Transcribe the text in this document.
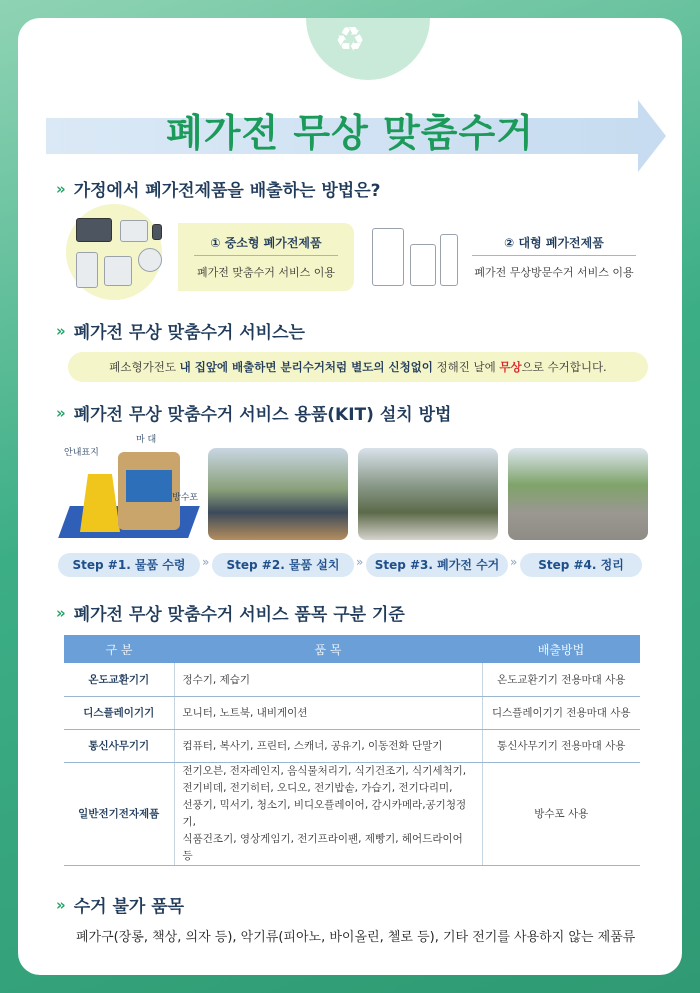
♻
폐가전 무상 맞춤수거
» 가정에서 폐가전제품을 배출하는 방법은?
① 중소형 폐가전제품
폐가전 맞춤수거 서비스 이용
② 대형 폐가전제품
폐가전 무상방문수거 서비스 이용
» 폐가전 무상 맞춤수거 서비스는
폐소형가전도 내 집앞에 배출하면 분리수거처럼 별도의 신청없이 정해진 날에 무상으로 수거합니다.
» 폐가전 무상 맞춤수거 서비스 용품(KIT) 설치 방법
안내표지
마 대
방수포
Step #1. 물품 수령	»	Step #2. 물품 설치	» Step #3. 폐가전 수거 »	Step #4. 정리
» 폐가전 무상 맞춤수거 서비스 품목 구분 기준
구 분	품 목	배출방법
온도교환기기	정수기, 제습기	온도교환기기 전용마대 사용
디스플레이기기	모니터, 노트북, 내비게이션	디스플레이기기 전용마대 사용
통신사무기기	컴퓨터, 복사기, 프린터, 스캐너, 공유기, 이동전화 단말기	통신사무기기 전용마대 사용
일반전기전자제품	전기오븐, 전자레인지, 음식물처리기, 식기건조기, 식기세척기,
전기비데, 전기히터, 오디오, 전기밥솥, 가습기, 전기다리미,
선풍기, 믹서기, 청소기, 비디오플레이어, 감시카메라,공기청정기,
식품건조기, 영상게임기, 전기프라이팬, 제빵기, 헤어드라이어 등	방수포 사용
» 수거 불가 품목
폐가구(장롱, 책상, 의자 등), 악기류(피아노, 바이올린, 첼로 등), 기타 전기를 사용하지 않는 제품류
